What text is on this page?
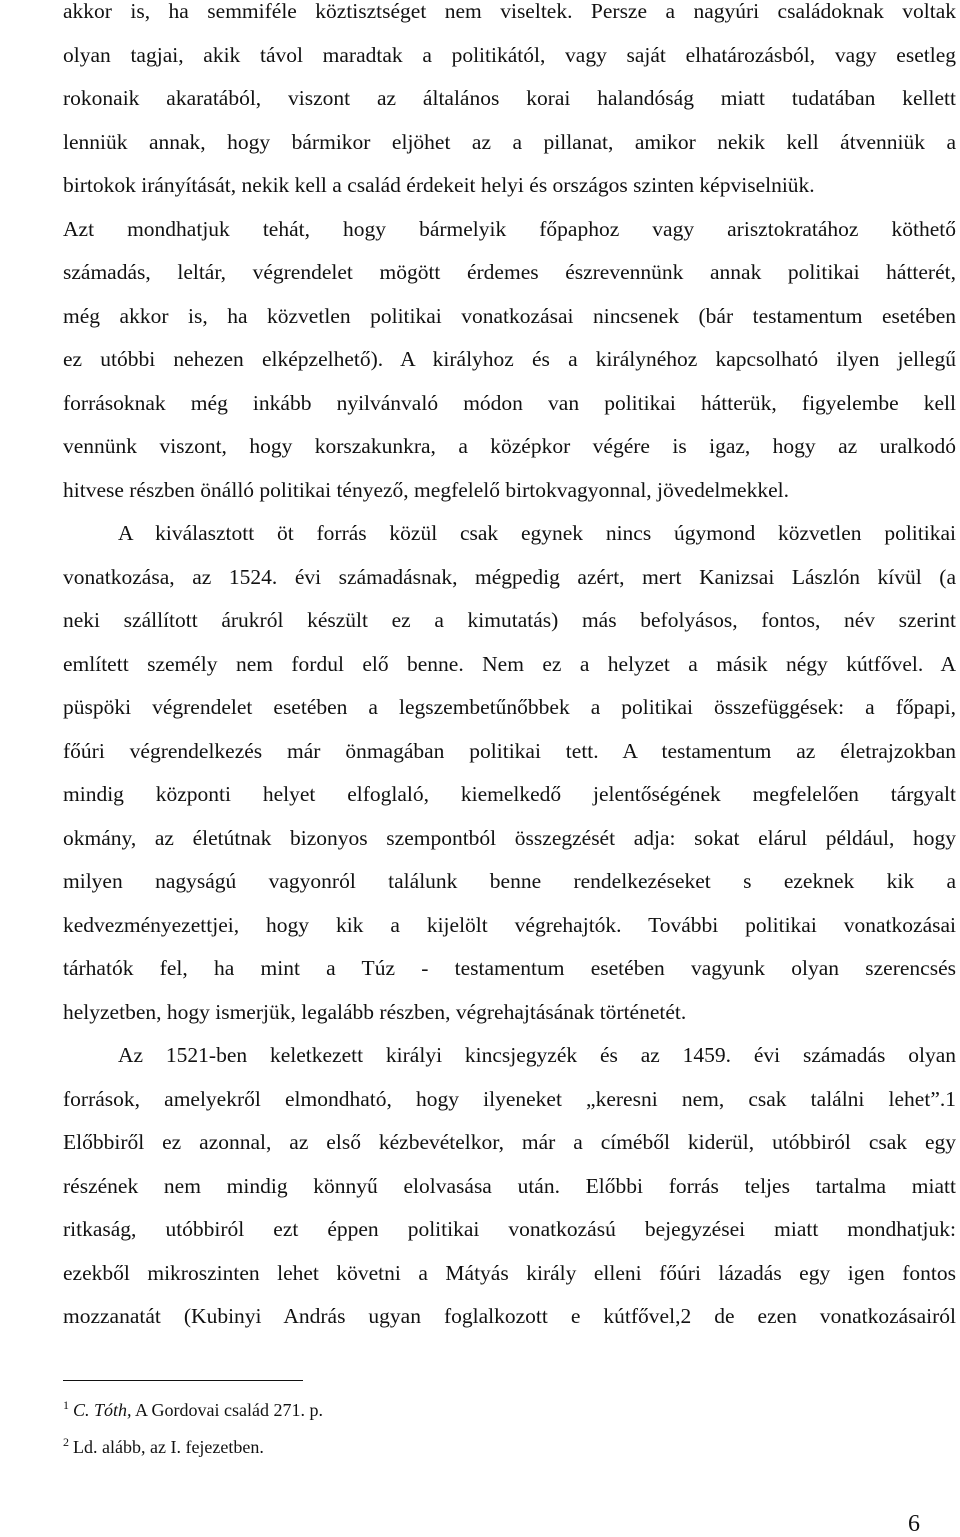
akkor is, ha semmiféle köztisztséget nem viseltek. Persze a nagyúri családoknak voltak
olyan tagjai, akik távol maradtak a politikától, vagy saját elhatározásból, vagy esetleg
rokonaik akaratából, viszont az általános korai halandóság miatt tudatában kellett
lenniük annak, hogy bármikor eljöhet az a pillanat, amikor nekik kell átvenniük a
birtokok irányítását, nekik kell a család érdekeit helyi és országos szinten képviselniük.
Azt mondhatjuk tehát, hogy bármelyik főpaphoz vagy arisztokratához köthető
számadás, leltár, végrendelet mögött érdemes észrevennünk annak politikai hátterét,
még akkor is, ha közvetlen politikai vonatkozásai nincsenek (bár testamentum esetében
ez utóbbi nehezen elképzelhető). A királyhoz és a királynéhoz kapcsolható ilyen jellegű
forrásoknak még inkább nyilvánvaló módon van politikai hátterük, figyelembe kell
vennünk viszont, hogy korszakunkra, a középkor végére is igaz, hogy az uralkodó
hitvese részben önálló politikai tényező, megfelelő birtokvagyonnal, jövedelmekkel.
A kiválasztott öt forrás közül csak egynek nincs úgymond közvetlen politikai
vonatkozása, az 1524. évi számadásnak, mégpedig azért, mert Kanizsai Lászlón kívül (a
neki szállított árukról készült ez a kimutatás) más befolyásos, fontos, név szerint
említett személy nem fordul elő benne. Nem ez a helyzet a másik négy kútfővel. A
püspöki végrendelet esetében a legszembetűnőbbek a politikai összefüggések: a főpapi,
főúri végrendelkezés már önmagában politikai tett. A testamentum az életrajzokban
mindig központi helyet elfoglaló, kiemelkedő jelentőségének megfelelően tárgyalt
okmány, az életútnak bizonyos szempontból összegzését adja: sokat elárul például, hogy
milyen nagyságú vagyonról találunk benne rendelkezéseket s ezeknek kik a
kedvezményezettjei, hogy kik a kijelölt végrehajtók. További politikai vonatkozásai
tárhatók fel, ha mint a Túz - testamentum esetében vagyunk olyan szerencsés
helyzetben, hogy ismerjük, legalább részben, végrehajtásának történetét.
Az 1521-ben keletkezett királyi kincsjegyzék és az 1459. évi számadás olyan
források, amelyekről elmondható, hogy ilyeneket „keresni nem, csak találni lehet”.1
Előbbiről ez azonnal, az első kézbevételkor, már a címéből kiderül, utóbbiról csak egy
részének nem mindig könnyű elolvasása után. Előbbi forrás teljes tartalma miatt
ritkaság, utóbbiról ezt éppen politikai vonatkozású bejegyzései miatt mondhatjuk:
ezekből mikroszinten lehet követni a Mátyás király elleni főúri lázadás egy igen fontos
mozzanatát (Kubinyi András ugyan foglalkozott e kútfővel,2 de ezen vonatkozásairól
$^1$ C. Tóth, A Gordovai család 271. p.
$^2$ Ld. alább, az I. fejezetben.
6
